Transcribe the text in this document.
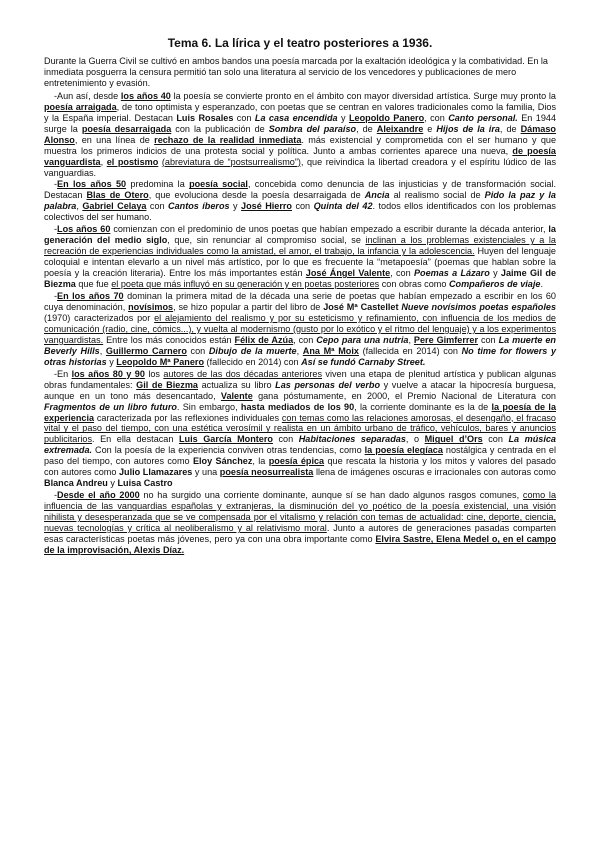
Tema 6. La lírica y el teatro posteriores a 1936.

Durante la Guerra Civil se cultivó en ambos bandos una poesía marcada por la exaltación ideológica y la combatividad. En la inmediata posguerra la censura permitió tan solo una literatura al servicio de los vencedores y publicaciones de mero entretenimiento y evasión.

-Aun así, desde los años 40 la poesía se convierte pronto en el ámbito con mayor diversidad artística. Surge muy pronto la poesía arraigada, de tono optimista y esperanzado, con poetas que se centran en valores tradicionales como la familia, Dios y la España imperial. Destacan Luis Rosales con La casa encendida y Leopoldo Panero, con Canto personal. En 1944 surge la poesía desarraigada con la publicación de Sombra del paraíso, de Aleixandre e Hijos de la ira, de Dámaso Alonso, en una línea de rechazo de la realidad inmediata. más existencial y comprometida con el ser humano y que muestra los primeros indicios de una protesta social y política. Junto a ambas corrientes aparece una nueva, de poesía vanguardista, el postismo (abreviatura de “postsurrealismo”), que reivindica la libertad creadora y el espíritu lúdico de las vanguardias.

-En los años 50 predomina la poesía social, concebida como denuncia de las injusticias y de transformación social. Destacan Blas de Otero, que evoluciona desde la poesía desarraigada de Ancia al realismo social de Pido la paz y la palabra, Gabriel Celaya con Cantos íberos y José Hierro con Quinta del 42. todos ellos identificados con los problemas colectivos del ser humano.

-Los años 60 comienzan con el predominio de unos poetas que habían empezado a escribir durante la década anterior, la generación del medio siglo, que, sin renunciar al compromiso social, se inclinan a los problemas existenciales y a la recreación de experiencias individuales como la amistad, el amor, el trabajo, la infancia y la adolescencia. Huyen del lenguaje coloquial e intentan elevarlo a un nivel más artístico, por lo que es frecuente la “metapoesía” (poemas que hablan sobre la poesía y la creación literaria). Entre los más importantes están José Ángel Valente, con Poemas a Lázaro y Jaime Gil de Biezma que fue el poeta que más influyó en su generación y en poetas posteriores con obras como Compañeros de viaje.

-En los años 70 dominan la primera mitad de la década una serie de poetas que habían empezado a escribir en los 60 cuya denominación, novísimos, se hizo popular a partir del libro de José Mª Castellet Nueve novísimos poetas españoles (1970) caracterizados por el alejamiento del realismo y por su esteticismo y refinamiento, con influencia de los medios de comunicación (radio, cine, cómics...), y vuelta al modernismo (gusto por lo exótico y el ritmo del lenguaje) y a los experimentos vanguardistas. Entre los más conocidos están Félix de Azúa, con Cepo para una nutria, Pere Gimferrer con La muerte en Beverly Hills, Guillermo Carnero con Dibujo de la muerte, Ana Mª Moix (fallecida en 2014) con No time for flowers y otras historias y Leopoldo Mª Panero (fallecido en 2014) con Así se fundó Carnaby Street.

-En los años 80 y 90 los autores de las dos décadas anteriores viven una etapa de plenitud artística y publican algunas obras fundamentales: Gil de Biezma actualiza su libro Las personas del verbo y vuelve a atacar la hipocresía burguesa, aunque en un tono más desencantado, Valente gana póstumamente, en 2000, el Premio Nacional de Literatura con Fragmentos de un libro futuro. Sin embargo, hasta mediados de los 90, la corriente dominante es la de la poesía de la experiencia caracterizada por las reflexiones individuales con temas como las relaciones amorosas, el desengaño, el fracaso vital y el paso del tiempo, con una estética verosímil y realista en un ámbito urbano de tráfico, vehículos, bares y anuncios publicitarios. En ella destacan Luis García Montero con Habitaciones separadas, o Miguel d’Ors con La música extremada. Con la poesía de la experiencia conviven otras tendencias, como la poesía elegíaca nostálgica y centrada en el paso del tiempo, con autores como Eloy Sánchez, la poesía épica que rescata la historia y los mitos y valores del pasado con autores como Julio Llamazares y una poesía neosurrealista llena de imágenes oscuras e irracionales con autoras como Blanca Andreu y Luisa Castro

-Desde el año 2000 no ha surgido una corriente dominante, aunque sí se han dado algunos rasgos comunes, como la influencia de las vanguardias españolas y extranjeras, la disminución del yo poético de la poesía existencial, una visión nihilista y desesperanzada que se ve compensada por el vitalismo y relación con temas de actualidad: cine, deporte, ciencia, nuevas tecnologías y crítica al neoliberalismo y al relativismo moral. Junto a autores de generaciones pasadas comparten esas características poetas más jóvenes, pero ya con una obra importante como Elvira Sastre, Elena Medel o, en el campo de la improvisación, Alexis Díaz.
